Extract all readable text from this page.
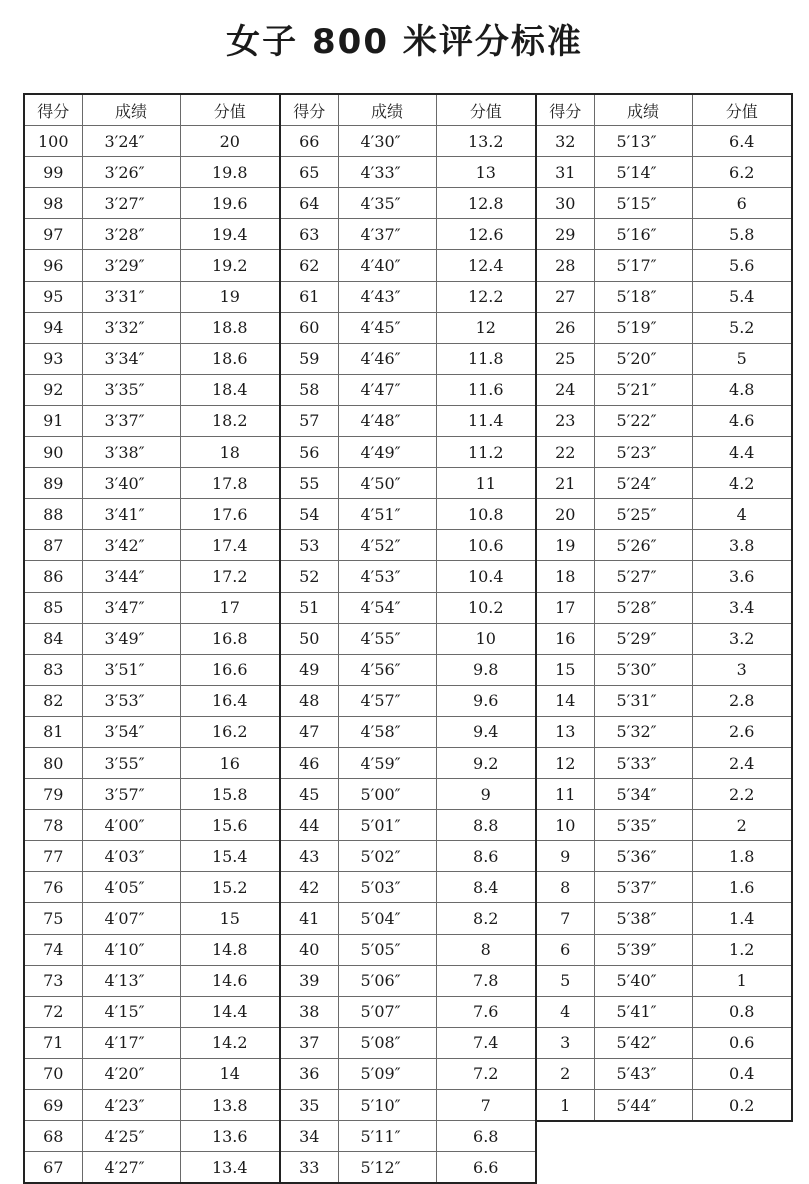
女子 800 米评分标准
得分	成绩	分值
100	3′24″	20
99	3′26″	19.8
98	3′27″	19.6
97	3′28″	19.4
96	3′29″	19.2
95	3′31″	19
94	3′32″	18.8
93	3′34″	18.6
92	3′35″	18.4
91	3′37″	18.2
90	3′38″	18
89	3′40″	17.8
88	3′41″	17.6
87	3′42″	17.4
86	3′44″	17.2
85	3′47″	17
84	3′49″	16.8
83	3′51″	16.6
82	3′53″	16.4
81	3′54″	16.2
80	3′55″	16
79	3′57″	15.8
78	4′00″	15.6
77	4′03″	15.4
76	4′05″	15.2
75	4′07″	15
74	4′10″	14.8
73	4′13″	14.6
72	4′15″	14.4
71	4′17″	14.2
70	4′20″	14
69	4′23″	13.8
68	4′25″	13.6
67	4′27″	13.4
得分	成绩	分值
66	4′30″	13.2
65	4′33″	13
64	4′35″	12.8
63	4′37″	12.6
62	4′40″	12.4
61	4′43″	12.2
60	4′45″	12
59	4′46″	11.8
58	4′47″	11.6
57	4′48″	11.4
56	4′49″	11.2
55	4′50″	11
54	4′51″	10.8
53	4′52″	10.6
52	4′53″	10.4
51	4′54″	10.2
50	4′55″	10
49	4′56″	9.8
48	4′57″	9.6
47	4′58″	9.4
46	4′59″	9.2
45	5′00″	9
44	5′01″	8.8
43	5′02″	8.6
42	5′03″	8.4
41	5′04″	8.2
40	5′05″	8
39	5′06″	7.8
38	5′07″	7.6
37	5′08″	7.4
36	5′09″	7.2
35	5′10″	7
34	5′11″	6.8
33	5′12″	6.6
得分	成绩	分值
32	5′13″	6.4
31	5′14″	6.2
30	5′15″	6
29	5′16″	5.8
28	5′17″	5.6
27	5′18″	5.4
26	5′19″	5.2
25	5′20″	5
24	5′21″	4.8
23	5′22″	4.6
22	5′23″	4.4
21	5′24″	4.2
20	5′25″	4
19	5′26″	3.8
18	5′27″	3.6
17	5′28″	3.4
16	5′29″	3.2
15	5′30″	3
14	5′31″	2.8
13	5′32″	2.6
12	5′33″	2.4
11	5′34″	2.2
10	5′35″	2
9	5′36″	1.8
8	5′37″	1.6
7	5′38″	1.4
6	5′39″	1.2
5	5′40″	1
4	5′41″	0.8
3	5′42″	0.6
2	5′43″	0.4
1	5′44″	0.2
